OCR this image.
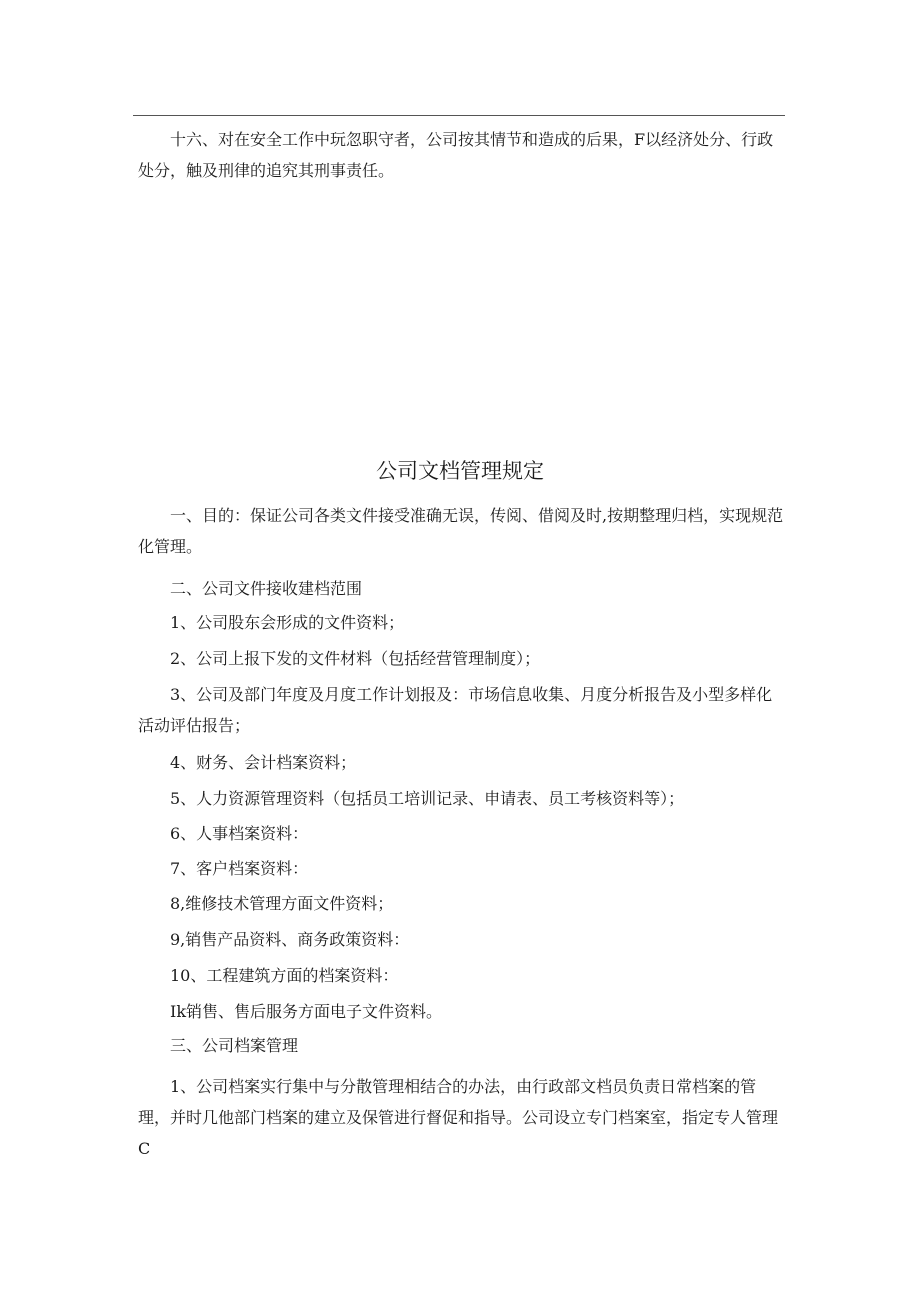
十六、对在安全工作中玩忽职守者，公司按其情节和造成的后果，F以经济处分、行政处分，触及刑律的追究其刑事责任。

公司文档管理规定

一、目的：保证公司各类文件接受准确无误，传阅、借阅及时,按期整理归档，实现规范化管理。

二、公司文件接收建档范围

1、公司股东会形成的文件资料；

2、公司上报下发的文件材料（包括经营管理制度）；

3、公司及部门年度及月度工作计划报及：市场信息收集、月度分析报告及小型多样化活动评估报告；

4、财务、会计档案资料；

5、人力资源管理资料（包括员工培训记录、申请表、员工考核资料等）；

6、人事档案资料：

7、客户档案资料：

8,维修技术管理方面文件资料；

9,销售产品资料、商务政策资料：

10、工程建筑方面的档案资料：

Ik销售、售后服务方面电子文件资料。

三、公司档案管理

1、公司档案实行集中与分散管理相结合的办法，由行政部文档员负责日常档案的管理，并时几他部门档案的建立及保管进行督促和指导。公司设立专门档案室，指定专人管理C
